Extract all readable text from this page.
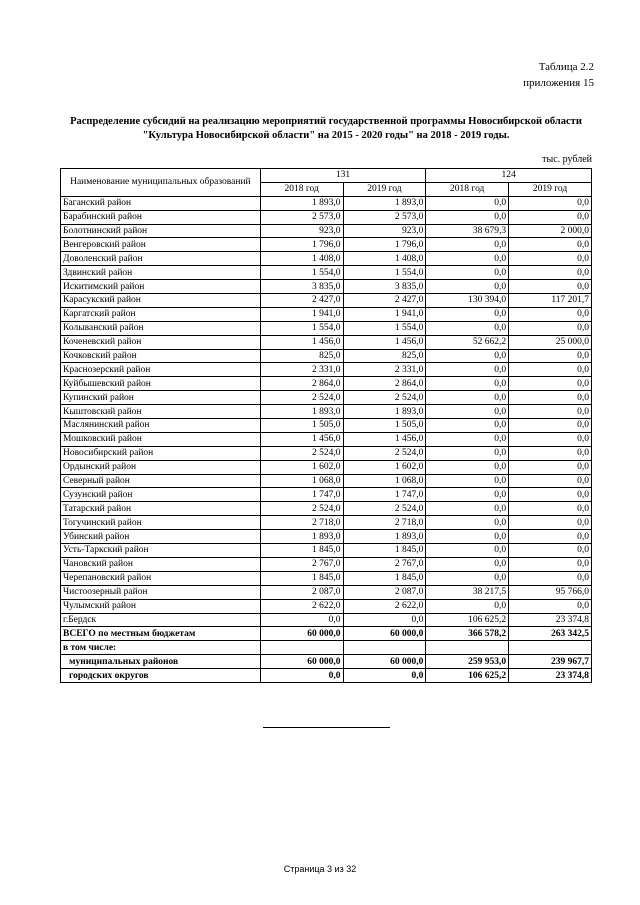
Таблица 2.2
приложения 15
Распределение субсидий на реализацию мероприятий государственной программы Новосибирской области "Культура Новосибирской области" на 2015 - 2020 годы" на 2018 - 2019 годы.
тыс. рублей
Наименование муниципальных образований	131		124	
	2018 год	2019 год	2018 год	2019 год
Баганский район	1 893,0	1 893,0	0,0	0,0
Барабинский район	2 573,0	2 573,0	0,0	0,0
Болотнинский район	923,0	923,0	38 679,3	2 000,0
Венгеровский район	1 796,0	1 796,0	0,0	0,0
Доволенский район	1 408,0	1 408,0	0,0	0,0
Здвинский район	1 554,0	1 554,0	0,0	0,0
Искитимский район	3 835,0	3 835,0	0,0	0,0
Карасукский район	2 427,0	2 427,0	130 394,0	117 201,7
Каргатский район	1 941,0	1 941,0	0,0	0,0
Колыванский район	1 554,0	1 554,0	0,0	0,0
Коченевский район	1 456,0	1 456,0	52 662,2	25 000,0
Кочковский район	825,0	825,0	0,0	0,0
Краснозерский район	2 331,0	2 331,0	0,0	0,0
Куйбышевский район	2 864,0	2 864,0	0,0	0,0
Купинский район	2 524,0	2 524,0	0,0	0,0
Кыштовский район	1 893,0	1 893,0	0,0	0,0
Маслянинский район	1 505,0	1 505,0	0,0	0,0
Мошковский район	1 456,0	1 456,0	0,0	0,0
Новосибирский район	2 524,0	2 524,0	0,0	0,0
Ордынский район	1 602,0	1 602,0	0,0	0,0
Северный район	1 068,0	1 068,0	0,0	0,0
Сузунский район	1 747,0	1 747,0	0,0	0,0
Татарский район	2 524,0	2 524,0	0,0	0,0
Тогучинский район	2 718,0	2 718,0	0,0	0,0
Убинский район	1 893,0	1 893,0	0,0	0,0
Усть-Таркский район	1 845,0	1 845,0	0,0	0,0
Чановский район	2 767,0	2 767,0	0,0	0,0
Черепановский район	1 845,0	1 845,0	0,0	0,0
Чистоозерный район	2 087,0	2 087,0	38 217,5	95 766,0
Чулымский район	2 622,0	2 622,0	0,0	0,0
г.Бердск	0,0	0,0	106 625,2	23 374,8
ВСЕГО по местным бюджетам	60 000,0	60 000,0	366 578,2	263 342,5
в том числе:				
муниципальных районов	60 000,0	60 000,0	259 953,0	239 967,7
городских округов	0,0	0,0	106 625,2	23 374,8
Страница 3 из 32
